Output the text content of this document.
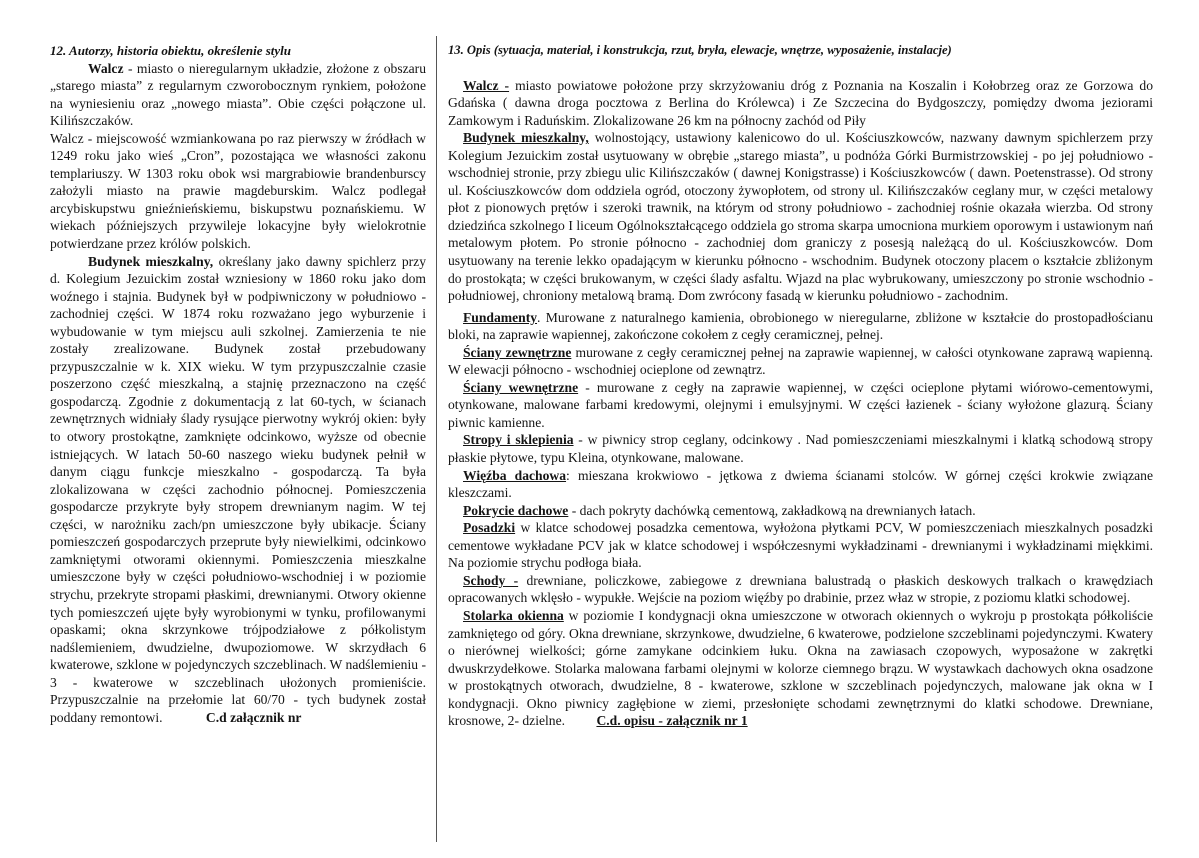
12. Autorzy, historia obiektu, określenie stylu

Walcz - miasto o nieregularnym układzie, złożone z obszaru „starego miasta” z regularnym czworobocznym rynkiem, położone na wyniesieniu oraz „nowego miasta”. Obie części połączone ul. Kilińszczaków.

Walcz - miejscowość wzmiankowana po raz pierwszy w źródłach w 1249 roku jako wieś „Cron”, pozostająca we własności zakonu templariuszy. W 1303 roku obok wsi margrabiowie brandenburscy założyli miasto na prawie magdeburskim. Walcz podlegał arcybiskupstwu gnieźnieńskiemu, biskupstwu poznańskiemu. W wiekach późniejszych przywileje lokacyjne były wielokrotnie potwierdzane przez królów polskich.

Budynek mieszkalny, określany jako dawny spichlerz przy d. Kolegium Jezuickim został wzniesiony w 1860 roku jako dom woźnego i stajnia. Budynek był w podpiwniczony w południowo - zachodniej części. W 1874 roku rozważano jego wyburzenie i wybudowanie w tym miejscu auli szkolnej. Zamierzenia te nie zostały zrealizowane. Budynek został przebudowany przypuszczalnie w k. XIX wieku. W tym przypuszczalnie czasie poszerzono część mieszkalną, a stajnię przeznaczono na część gospodarczą. Zgodnie z dokumentacją z lat 60-tych, w ścianach zewnętrznych widniały ślady rysujące pierwotny wykrój okien: były to otwory prostokątne, zamknięte odcinkowo, wyższe od obecnie istniejących. W latach 50-60 naszego wieku budynek pełnił w danym ciągu funkcje mieszkalno - gospodarczą. Ta była zlokalizowana w części zachodnio północnej. Pomieszczenia gospodarcze przykryte były stropem drewnianym nagim. W tej części, w narożniku zach/pn umieszczone były ubikacje. Ściany pomieszczeń gospodarczych przeprute były niewielkimi, odcinkowo zamkniętymi otworami okiennymi. Pomieszczenia mieszkalne umieszczone były w części południowo-wschodniej i w poziomie strychu, przekryte stropami płaskimi, drewnianymi. Otwory okienne tych pomieszczeń ujęte były wyrobionymi w tynku, profilowanymi opaskami; okna skrzynkowe trójpodziałowe z półkolistym nadślemieniem, dwudzielne, dwupoziomowe. W skrzydłach 6 kwaterowe, szklone w pojedynczych szczeblinach. W nadślemieniu - 3 - kwaterowe w szczeblinach ułożonych promieniście. Przypuszczalnie na przełomie lat 60/70 - tych budynek został poddany remontowi.	C.d załącznik nr

13. Opis (sytuacja, materiał, i konstrukcja, rzut, bryła, elewacje, wnętrze, wyposażenie, instalacje)

Walcz - miasto powiatowe położone przy skrzyżowaniu dróg z Poznania na Koszalin i Kołobrzeg oraz ze Gorzowa do Gdańska ( dawna droga pocztowa z Berlina do Królewca) i Ze Szczecina do Bydgoszczy, pomiędzy dwoma jeziorami Zamkowym i Raduńskim. Zlokalizowane 26 km na północny zachód od Piły

Budynek mieszkalny, wolnostojący, ustawiony kalenicowo do ul. Kościuszkowców, nazwany dawnym spichlerzem przy Kolegium Jezuickim został usytuowany w obrębie „starego miasta”, u podnóża Górki Burmistrzowskiej - po jej południowo - wschodniej stronie, przy zbiegu ulic Kilińszczaków ( dawnej Konigstrasse) i Kościuszkowców ( dawn. Poetenstrasse). Od strony ul. Kościuszkowców dom oddziela ogród, otoczony żywopłotem, od strony ul. Kilińszczaków ceglany mur, w części metalowy płot z pionowych prętów i szeroki trawnik, na którym od strony południowo - zachodniej rośnie okazała wierzba. Od strony dziedzińca szkolnego I liceum Ogólnokształcącego oddziela go stroma skarpa umocniona murkiem oporowym i ustawionym nań metalowym płotem. Po stronie północno - zachodniej dom graniczy z posesją należącą do ul. Kościuszkowców. Dom usytuowany na terenie lekko opadającym w kierunku północno - wschodnim. Budynek otoczony placem o kształcie zbliżonym do prostokąta; w części brukowanym, w części ślady asfaltu. Wjazd na plac wybrukowany, umieszczony po stronie wschodnio - południowej, chroniony metalową bramą. Dom zwrócony fasadą w kierunku południowo - zachodnim.

Fundamenty. Murowane z naturalnego kamienia, obrobionego w nieregularne, zbliżone w kształcie do prostopadłościanu bloki, na zaprawie wapiennej, zakończone cokołem z cegły ceramicznej, pełnej.

Ściany zewnętrzne murowane z cegły ceramicznej pełnej na zaprawie wapiennej, w całości otynkowane zaprawą wapienną. W elewacji północno - wschodniej ocieplone od zewnątrz.

Ściany wewnętrzne - murowane z cegły na zaprawie wapiennej, w części ocieplone płytami wiórowo-cementowymi, otynkowane, malowane farbami kredowymi, olejnymi i emulsyjnymi. W części łazienek - ściany wyłożone glazurą. Ściany piwnic kamienne.

Stropy i sklepienia - w piwnicy strop ceglany, odcinkowy . Nad pomieszczeniami mieszkalnymi i klatką schodową stropy płaskie płytowe, typu Kleina, otynkowane, malowane.

Więźba dachowa: mieszana krokwiowo - jętkowa z dwiema ścianami stolców. W górnej części krokwie związane kleszczami.

Pokrycie dachowe - dach pokryty dachówką cementową, zakładkową na drewnianych łatach.

Posadzki w klatce schodowej posadzka cementowa, wyłożona płytkami PCV, W pomieszczeniach mieszkalnych posadzki cementowe wykładane PCV jak w klatce schodowej i współczesnymi wykładzinami - drewnianymi i wykładzinami miękkimi. Na poziomie strychu podłoga biała.

Schody - drewniane, policzkowe, zabiegowe z drewniana balustradą o płaskich deskowych tralkach o krawędziach opracowanych wklęsło - wypukłe. Wejście na poziom więźby po drabinie, przez właz w stropie, z poziomu klatki schodowej.

Stolarka okienna w poziomie I kondygnacji okna umieszczone w otworach okiennych o wykroju p prostokąta półkoliście zamkniętego od góry. Okna drewniane, skrzynkowe, dwudzielne, 6 kwaterowe, podzielone szczeblinami pojedynczymi. Kwatery o nierównej wielkości; górne zamykane odcinkiem łuku. Okna na zawiasach czopowych, wyposażone w zakrętki dwuskrzydełkowe. Stolarka malowana farbami olejnymi w kolorze ciemnego brązu. W wystawkach dachowych okna osadzone w prostokątnych otworach, dwudzielne, 8 - kwaterowe, szklone w szczeblinach pojedynczych, malowane jak okna w I kondygnacji. Okno piwnicy zagłębione w ziemi, przesłonięte schodami zewnętrznymi do klatki schodowe. Drewniane, krosnowe, 2- dzielne. C.d. opisu - załącznik nr 1
